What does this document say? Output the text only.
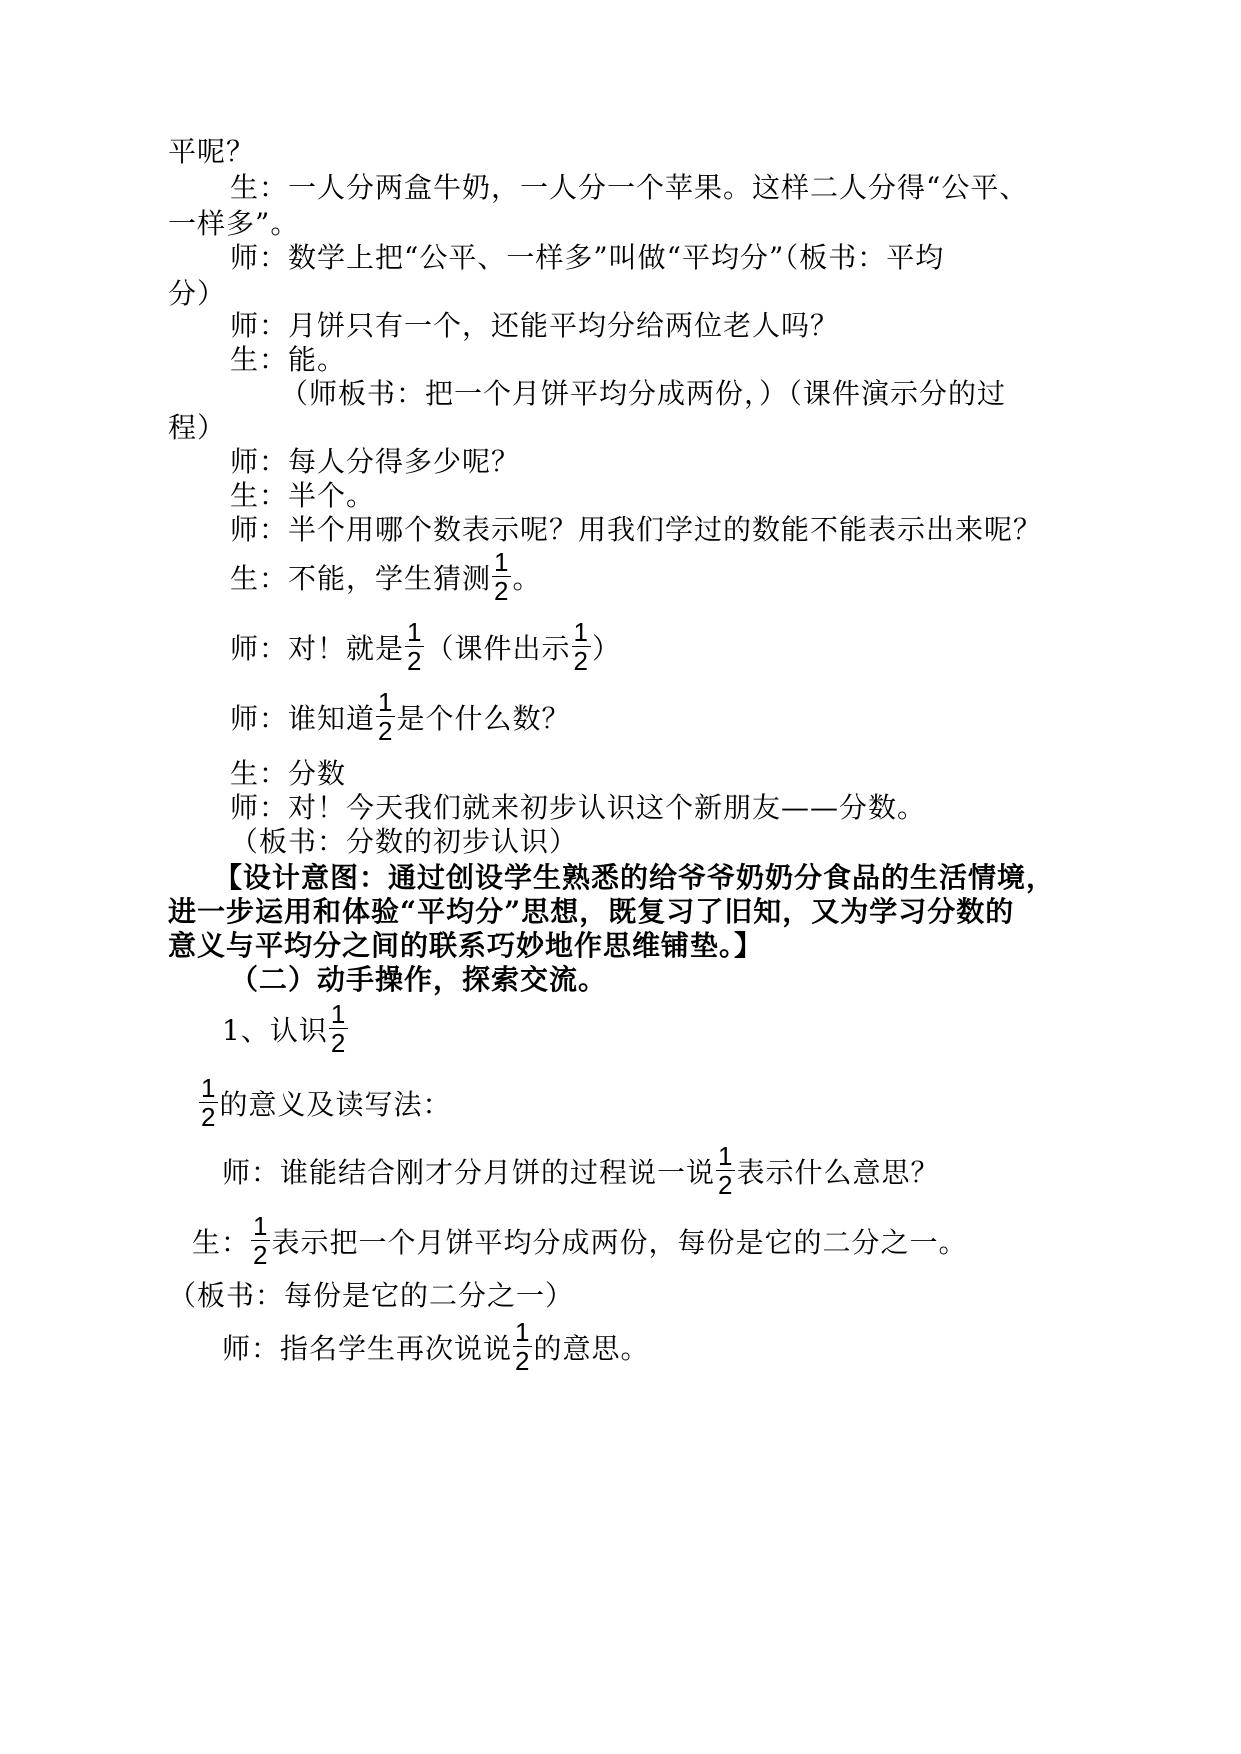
平呢？
生：一人分两盒牛奶，一人分一个苹果。这样二人分得“公平、
一样多”。
师：数学上把“公平、一样多”叫做“平均分”（板书：平均
分）
师：月饼只有一个，还能平均分给两位老人吗？
生：能。
（师板书：把一个月饼平均分成两份，）（课件演示分的过
程）
师：每人分得多少呢？
生：半个。
师：半个用哪个数表示呢？用我们学过的数能不能表示出来呢？
生：不能，学生猜测 $\frac{1}{2}$ 。
师：对！就是 $\frac{1}{2}$ （课件出示 $\frac{1}{2}$ ）
师：谁知道 $\frac{1}{2}$ 是个什么数？
生：分数
师：对！今天我们就来初步认识这个新朋友——分数。
（板书：分数的初步认识）
【设计意图：通过创设学生熟悉的给爷爷奶奶分食品的生活情境，
进一步运用和体验“平均分”思想，既复习了旧知，又为学习分数的
意义与平均分之间的联系巧妙地作思维铺垫。】
（二）动手操作，探索交流。
1、认识 $\frac{1}{2}$
$\frac{1}{2}$ 的意义及读写法：
师：谁能结合刚才分月饼的过程说一说 $\frac{1}{2}$ 表示什么意思？
生： $\frac{1}{2}$ 表示把一个月饼平均分成两份，每份是它的二分之一。
（板书：每份是它的二分之一）
师：指名学生再次说说 $\frac{1}{2}$ 的意思。
